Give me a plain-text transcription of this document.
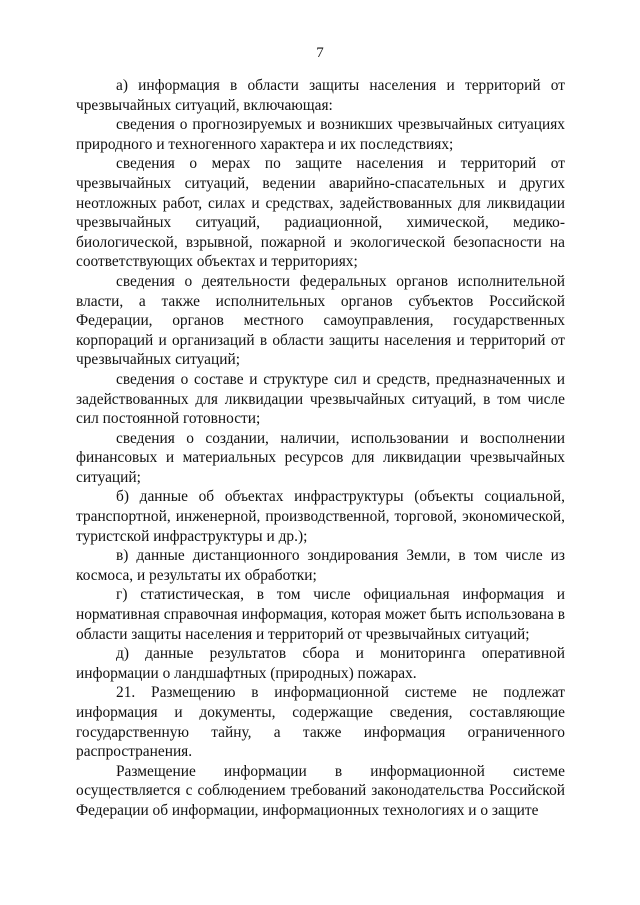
7

а) информация в области защиты населения и территорий от чрезвычайных ситуаций, включающая:

сведения о прогнозируемых и возникших чрезвычайных ситуациях природного и техногенного характера и их последствиях;

сведения о мерах по защите населения и территорий от чрезвычайных ситуаций, ведении аварийно-спасательных и других неотложных работ, силах и средствах, задействованных для ликвидации чрезвычайных ситуаций, радиационной, химической, медико-биологической, взрывной, пожарной и экологической безопасности на соответствующих объектах и территориях;

сведения о деятельности федеральных органов исполнительной власти, а также исполнительных органов субъектов Российской Федерации, органов местного самоуправления, государственных корпораций и организаций в области защиты населения и территорий от чрезвычайных ситуаций;

сведения о составе и структуре сил и средств, предназначенных и задействованных для ликвидации чрезвычайных ситуаций, в том числе сил постоянной готовности;

сведения о создании, наличии, использовании и восполнении финансовых и материальных ресурсов для ликвидации чрезвычайных ситуаций;

б) данные об объектах инфраструктуры (объекты социальной, транспортной, инженерной, производственной, торговой, экономической, туристской инфраструктуры и др.);

в) данные дистанционного зондирования Земли, в том числе из космоса, и результаты их обработки;

г) статистическая, в том числе официальная информация и нормативная справочная информация, которая может быть использована в области защиты населения и территорий от чрезвычайных ситуаций;

д) данные результатов сбора и мониторинга оперативной информации о ландшафтных (природных) пожарах.

21. Размещению в информационной системе не подлежат информация и документы, содержащие сведения, составляющие государственную тайну, а также информация ограниченного распространения.

Размещение информации в информационной системе осуществляется с соблюдением требований законодательства Российской Федерации об информации, информационных технологиях и о защите
